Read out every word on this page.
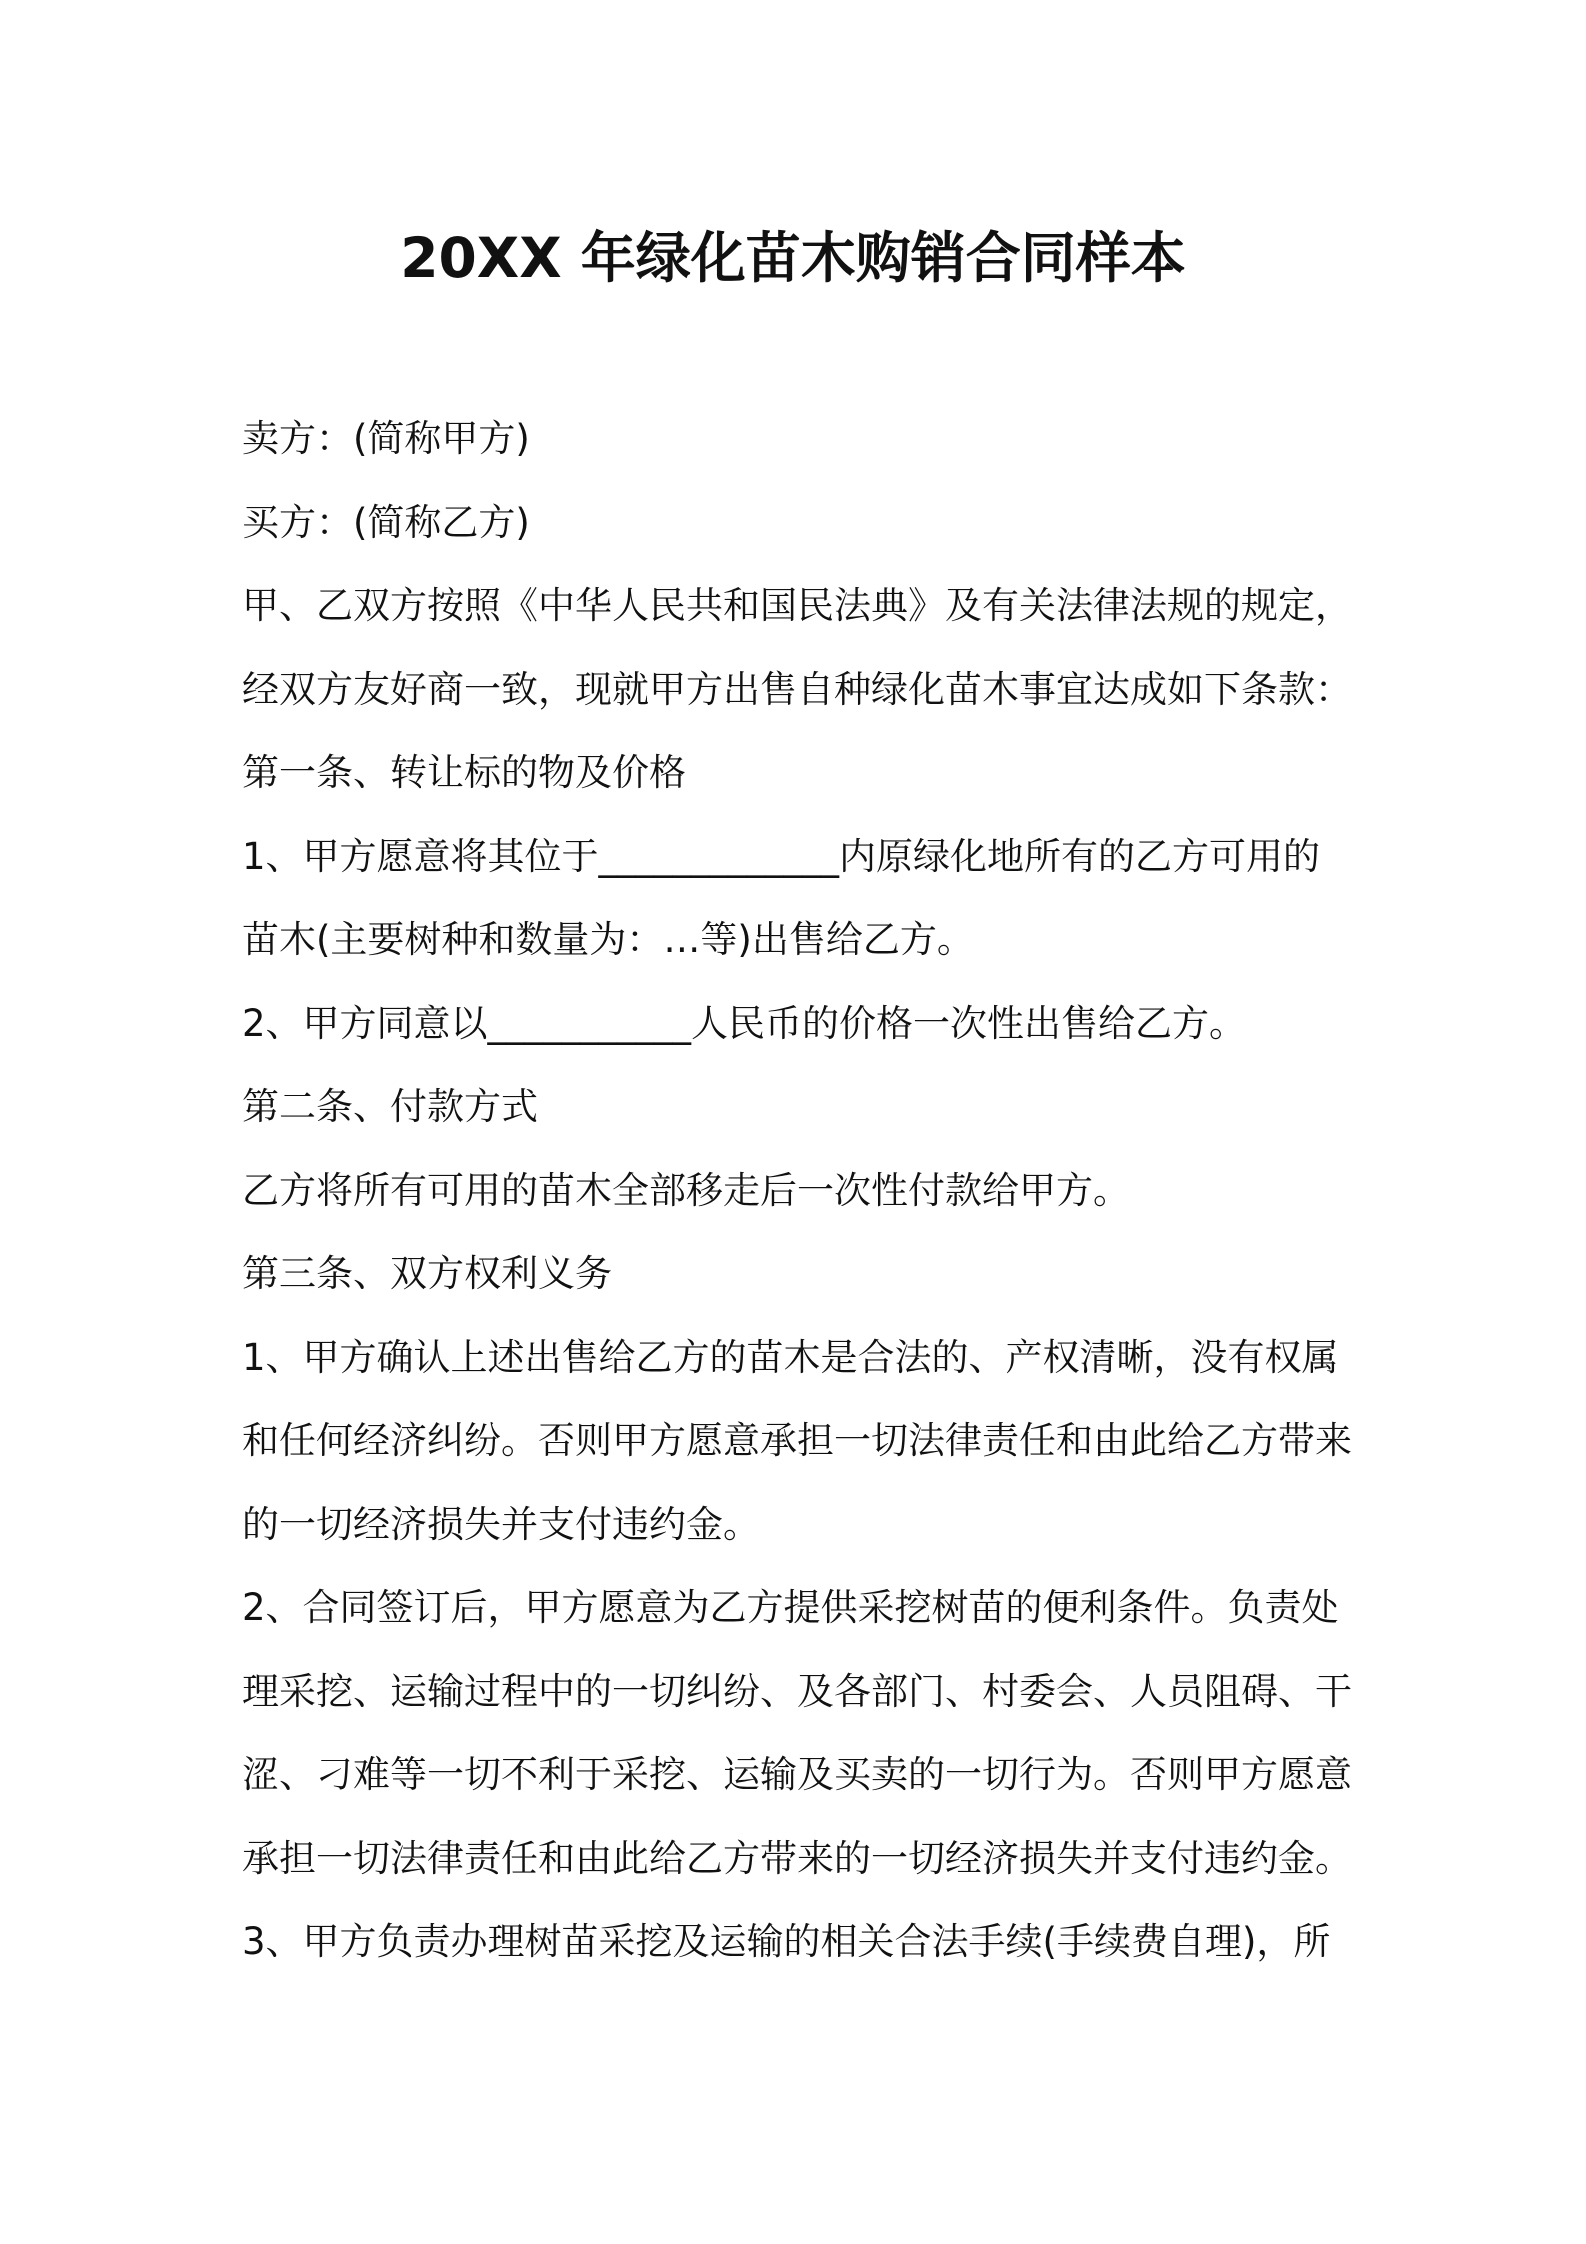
20XX 年绿化苗木购销合同样本

卖方：(简称甲方)

买方：(简称乙方)

甲、乙双方按照《中华人民共和国民法典》及有关法律法规的规定，

经双方友好商一致，现就甲方出售自种绿化苗木事宜达成如下条款：

第一条、转让标的物及价格

1、甲方愿意将其位于_____________内原绿化地所有的乙方可用的

苗木(主要树种和数量为：…等)出售给乙方。

2、甲方同意以___________人民币的价格一次性出售给乙方。

第二条、付款方式

乙方将所有可用的苗木全部移走后一次性付款给甲方。

第三条、双方权利义务

1、甲方确认上述出售给乙方的苗木是合法的、产权清晰，没有权属

和任何经济纠纷。否则甲方愿意承担一切法律责任和由此给乙方带来

的一切经济损失并支付违约金。

2、合同签订后，甲方愿意为乙方提供采挖树苗的便利条件。负责处

理采挖、运输过程中的一切纠纷、及各部门、村委会、人员阻碍、干

涩、刁难等一切不利于采挖、运输及买卖的一切行为。否则甲方愿意

承担一切法律责任和由此给乙方带来的一切经济损失并支付违约金。

3、甲方负责办理树苗采挖及运输的相关合法手续(手续费自理)，所
